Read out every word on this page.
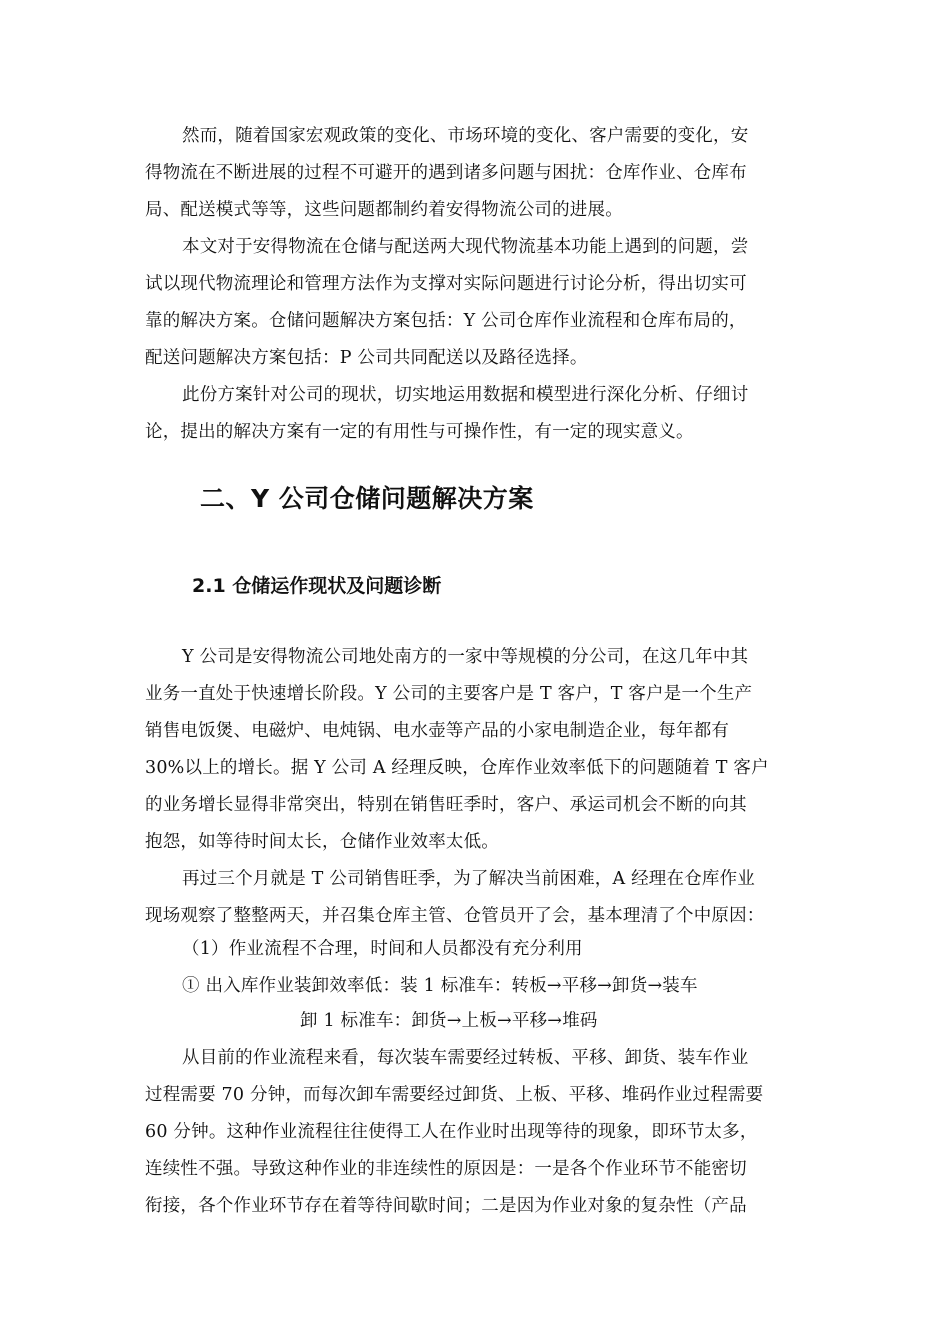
然而，随着国家宏观政策的变化、市场环境的变化、客户需要的变化，安
得物流在不断进展的过程不可避开的遇到诸多问题与困扰：仓库作业、仓库布
局、配送模式等等，这些问题都制约着安得物流公司的进展。
本文对于安得物流在仓储与配送两大现代物流基本功能上遇到的问题，尝
试以现代物流理论和管理方法作为支撑对实际问题进行讨论分析，得出切实可
靠的解决方案。仓储问题解决方案包括：Y 公司仓库作业流程和仓库布局的，
配送问题解决方案包括：P 公司共同配送以及路径选择。
此份方案针对公司的现状，切实地运用数据和模型进行深化分析、仔细讨
论，提出的解决方案有一定的有用性与可操作性，有一定的现实意义。
二、Y 公司仓储问题解决方案
2.1 仓储运作现状及问题诊断
Y 公司是安得物流公司地处南方的一家中等规模的分公司，在这几年中其
业务一直处于快速增长阶段。Y 公司的主要客户是 T 客户，T 客户是一个生产
销售电饭煲、电磁炉、电炖锅、电水壶等产品的小家电制造企业，每年都有
30%以上的增长。据 Y 公司 A 经理反映，仓库作业效率低下的问题随着 T 客户
的业务增长显得非常突出，特别在销售旺季时，客户、承运司机会不断的向其
抱怨，如等待时间太长，仓储作业效率太低。
再过三个月就是 T 公司销售旺季，为了解决当前困难，A 经理在仓库作业
现场观察了整整两天，并召集仓库主管、仓管员开了会，基本理清了个中原因：
（1）作业流程不合理，时间和人员都没有充分利用
① 出入库作业装卸效率低：装 1 标准车：转板→平移→卸货→装车
卸 1 标准车：卸货→上板→平移→堆码
从目前的作业流程来看，每次装车需要经过转板、平移、卸货、装车作业
过程需要 70 分钟，而每次卸车需要经过卸货、上板、平移、堆码作业过程需要
60 分钟。这种作业流程往往使得工人在作业时出现等待的现象，即环节太多，
连续性不强。导致这种作业的非连续性的原因是：一是各个作业环节不能密切
衔接，各个作业环节存在着等待间歇时间；二是因为作业对象的复杂性（产品
